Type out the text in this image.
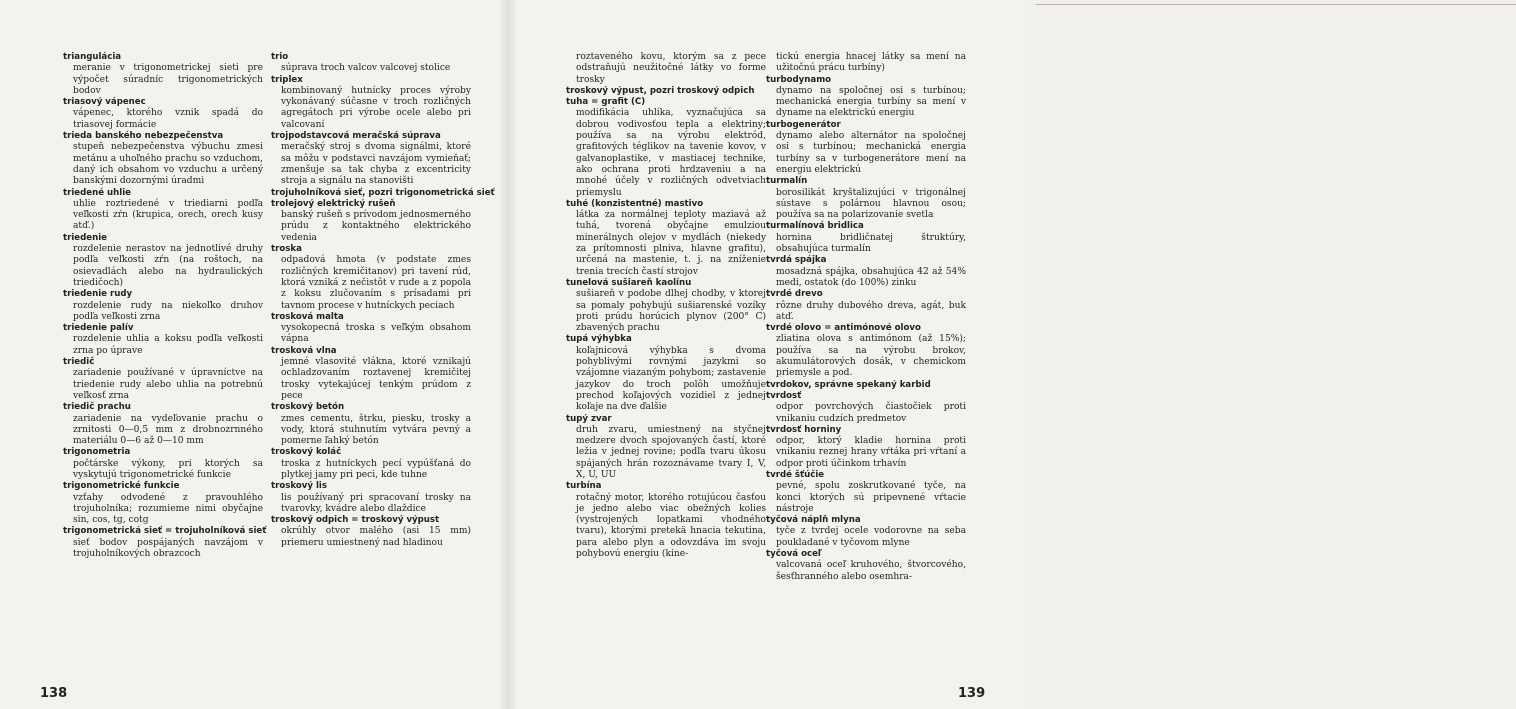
triangulácia
meranie v trigonometrickej sieti pre výpočet súradníc trigonometrických bodov
triasový vápenec
vápenec, ktorého vznik spadá do triasovej formácie
trieda banského nebezpečenstva
stupeň nebezpečenstva výbuchu zmesi metánu a uhoľného prachu so vzduchom, daný ich obsahom vo vzduchu a určený banskými dozornými úradmi
triedené uhlie
uhlie roztriedené v triediarni podľa veľkosti zŕn (krupica, orech, orech kusy atď.)
triedenie
rozdelenie nerastov na jednotlivé druhy podľa veľkosti zŕn (na roštoch, na osievadlách alebo na hydraulických triedičoch)
triedenie rudy
rozdelenie rudy na niekoľko druhov podľa veľkosti zrna
triedenie palív
rozdelenie uhlia a koksu podľa veľkosti zrna po úprave
triedič
zariadenie používané v úpravníctve na triedenie rudy alebo uhlia na potrebnú veľkosť zrna
triedič prachu
zariadenie na vydeľovanie prachu o zrnitosti 0—0,5 mm z drobnozrnného materiálu 0—6 až 0—10 mm
trigonometria
počtárske výkony, pri ktorých sa vyskytujú trigonometrické funkcie
trigonometrické funkcie
vzťahy odvodené z pravouhlého trojuholníka; rozumieme nimi obyčajne sin, cos, tg, cotg
trigonometrická sieť = trojuholníková sieť
sieť bodov pospájaných navzájom v trojuholníkových obrazcoch
trio
súprava troch valcov valcovej stolice
triplex
kombinovaný hutnícky proces výroby vykonávaný súčasne v troch rozličných agregátoch pri výrobe ocele alebo pri valcovaní
trojpodstavcová meračská súprava
meračský stroj s dvoma signálmi, ktoré sa môžu v podstavci navzájom vymieňať; zmenšuje sa tak chyba z excentricity stroja a signálu na stanovišti
trojuholníková sieť, pozri trigonometrická sieť
trolejový elektrický rušeň
banský rušeň s prívodom jednosmerného prúdu z kontaktného elektrického vedenia
troska
odpadová hmota (v podstate zmes rozličných kremičitanov) pri tavení rúd, ktorá vzniká z nečistôt v rude a z popola z koksu zlučovaním s prísadami pri tavnom procese v hutníckych peciach
trosková malta
vysokopecná troska s veľkým obsahom vápna
trosková vlna
jemné vlasovité vlákna, ktoré vznikajú ochladzovaním roztavenej kremičitej trosky vytekajúcej tenkým prúdom z pece
troskový betón
zmes cementu, štrku, piesku, trosky a vody, ktorá stuhnutím vytvára pevný a pomerne ľahký betón
troskový koláč
troska z hutníckych pecí vypúšťaná do plytkej jamy pri peci, kde tuhne
troskový lis
lis používaný pri spracovaní trosky na tvarovky, kvádre alebo dlaždice
troskový odpich = troskový výpust
okrúhly otvor malého (asi 15 mm) priemeru umiestnený nad hladinou
138
roztaveného kovu, ktorým sa z pece odstraňujú neužitočné látky vo forme trosky
troskový výpust, pozri troskový odpich
tuha = grafit (C)
modifikácia uhlíka, vyznačujúca sa dobrou vodivosťou tepla a elektriny; používa sa na výrobu elektród, grafitových téglikov na tavenie kovov, v galvanoplastike, v mastiacej technike, ako ochrana proti hrdzaveniu a na mnohé účely v rozličných odvetviach priemyslu
tuhé (konzistentné) mastivo
látka za normálnej teploty maziavá až tuhá, tvorená obyčajne emulziou minerálnych olejov v mydlách (niekedy za prítomnosti plniva, hlavne grafitu), určená na mastenie, t. j. na zníženie trenia trecích častí strojov
tunelová sušiareň kaolínu
sušiareň v podobe dlhej chodby, v ktorej sa pomaly pohybujú sušiarenské vozíky proti prúdu horúcich plynov (200° C) zbavených prachu
tupá výhybka
koľajnicová výhybka s dvoma pohyblivými rovnými jazykmi so vzájomne viazaným pohybom; zastavenie jazykov do troch polôh umožňuje prechod koľajových vozidiel z jednej koľaje na dve ďalšie
tupý zvar
druh zvaru, umiestnený na styčnej medzere dvoch spojovaných častí, ktoré ležia v jednej rovine; podľa tvaru úkosu spájaných hrán rozoznávame tvary I, V, X, U, UU
turbína
rotačný motor, ktorého rotujúcou časťou je jedno alebo viac obežných kolies (vystrojených lopatkami vhodného tvaru), ktorými pretekä hnacia tekutina, para alebo plyn a odovzdáva im svoju pohybovú energiu (kine-
tickú energia hnacej látky sa mení na užitočnú prácu turbíny)
turbodynamo
dynamo na spoločnej osi s turbínou; mechanická energia turbíny sa mení v dyname na elektrickú energiu
turbogenerátor
dynamo alebo alternátor na spoločnej osi s turbínou; mechanická energia turbíny sa v turbogenerátore mení na energiu elektrickú
turmalín
borosilikát kryštalizujúci v trigonálnej sústave s polárnou hlavnou osou; používa sa na polarizovanie svetla
turmalínová bridlica
hornina bridličnatej štruktúry, obsahujúca turmalín
tvrdá spájka
mosadzná spájka, obsahujúca 42 až 54% medi, ostatok (do 100%) zinku
tvrdé drevo
rôzne druhy dubového dreva, agát, buk atď.
tvrdé olovo = antimónové olovo
zliatina olova s antimónom (až 15%); používa sa na výrobu brokov, akumulátorových dosák, v chemickom priemysle a pod.
tvrdokov, správne spekaný karbid
tvrdosť
odpor povrchových čiastočiek proti vnikaniu cudzích predmetov
tvrdosť horniny
odpor, ktorý kladie hornina proti vnikaniu reznej hrany vŕtáka pri vŕtaní a odpor proti účinkom trhavín
tvrdé šťúčie
pevné, spolu zoskrutkované tyče, na konci ktorých sú pripevnené vŕtacie nástroje
tyčová náplň mlyna
tyče z tvrdej ocele vodorovne na seba poukladané v tyčovom mlyne
tyčová oceľ
valcovaná oceľ kruhového, štvorcového, šesťhranného alebo osemhra-
139
